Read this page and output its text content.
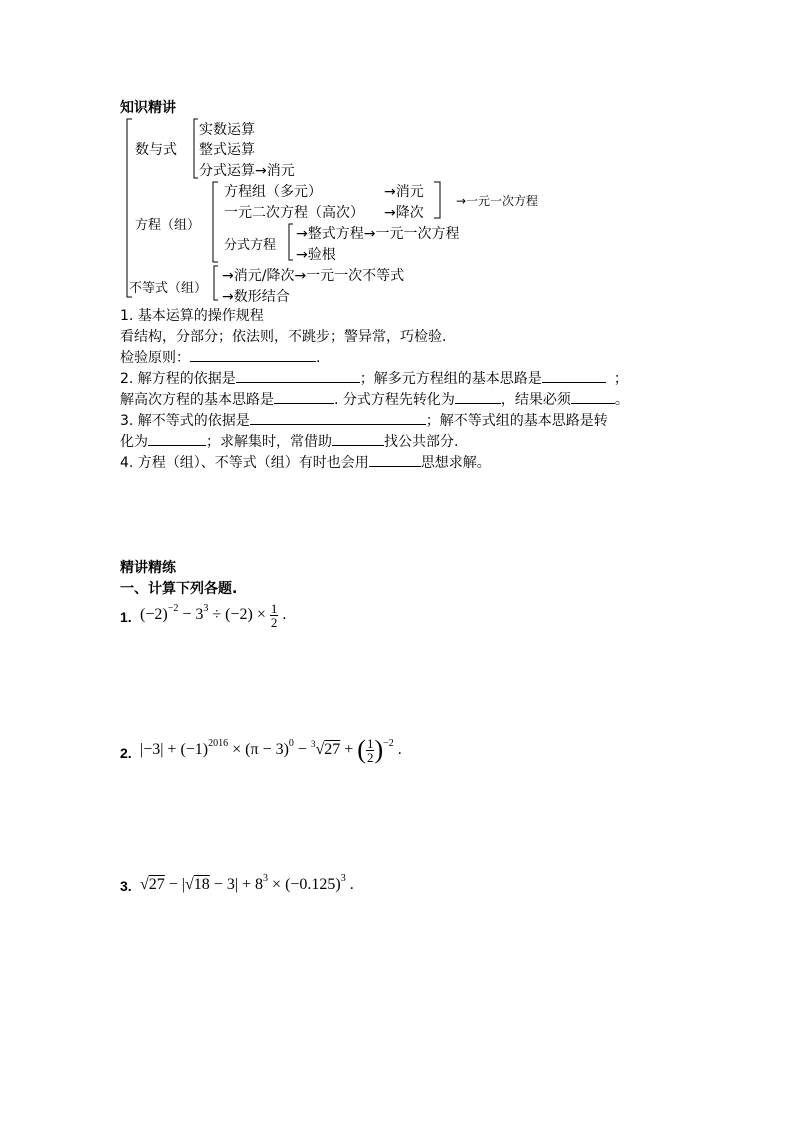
知识精讲
数与式
实数运算
整式运算
分式运算→消元
方程（组）
方程组（多元）	→消元
一元二次方程（高次） →降次
→一元一次方程
分式方程
→整式方程→一元一次方程
→验根
不等式（组）
→消元/降次→一元一次不等式
→数形结合
1. 基本运算的操作规程
看结构，分部分；依法则，不跳步；警异常，巧检验.
检验原则：	.
2. 解方程的依据是	；解多元方程组的基本思路是	；
解高次方程的基本思路是	. 分式方程先转化为	，结果必须	。
3. 解不等式的依据是	；解不等式组的基本思路是转
化为	；求解集时，常借助	找公共部分.
4. 方程（组）、不等式（组）有时也会用	思想求解。
精讲精练
一、计算下列各题.
1. $(-2)^{-2} - 3^3 \div (-2) \times \frac{1}{2}$ .
2. $|-3| + (-1)^{2016} \times (\pi - 3)^0 - ^3√27$ + ( $\frac{1}{2} )^{-2}$ .
3. $√27 - |√18 - 3| + 8^3 \times (-0.125)^3$ .
